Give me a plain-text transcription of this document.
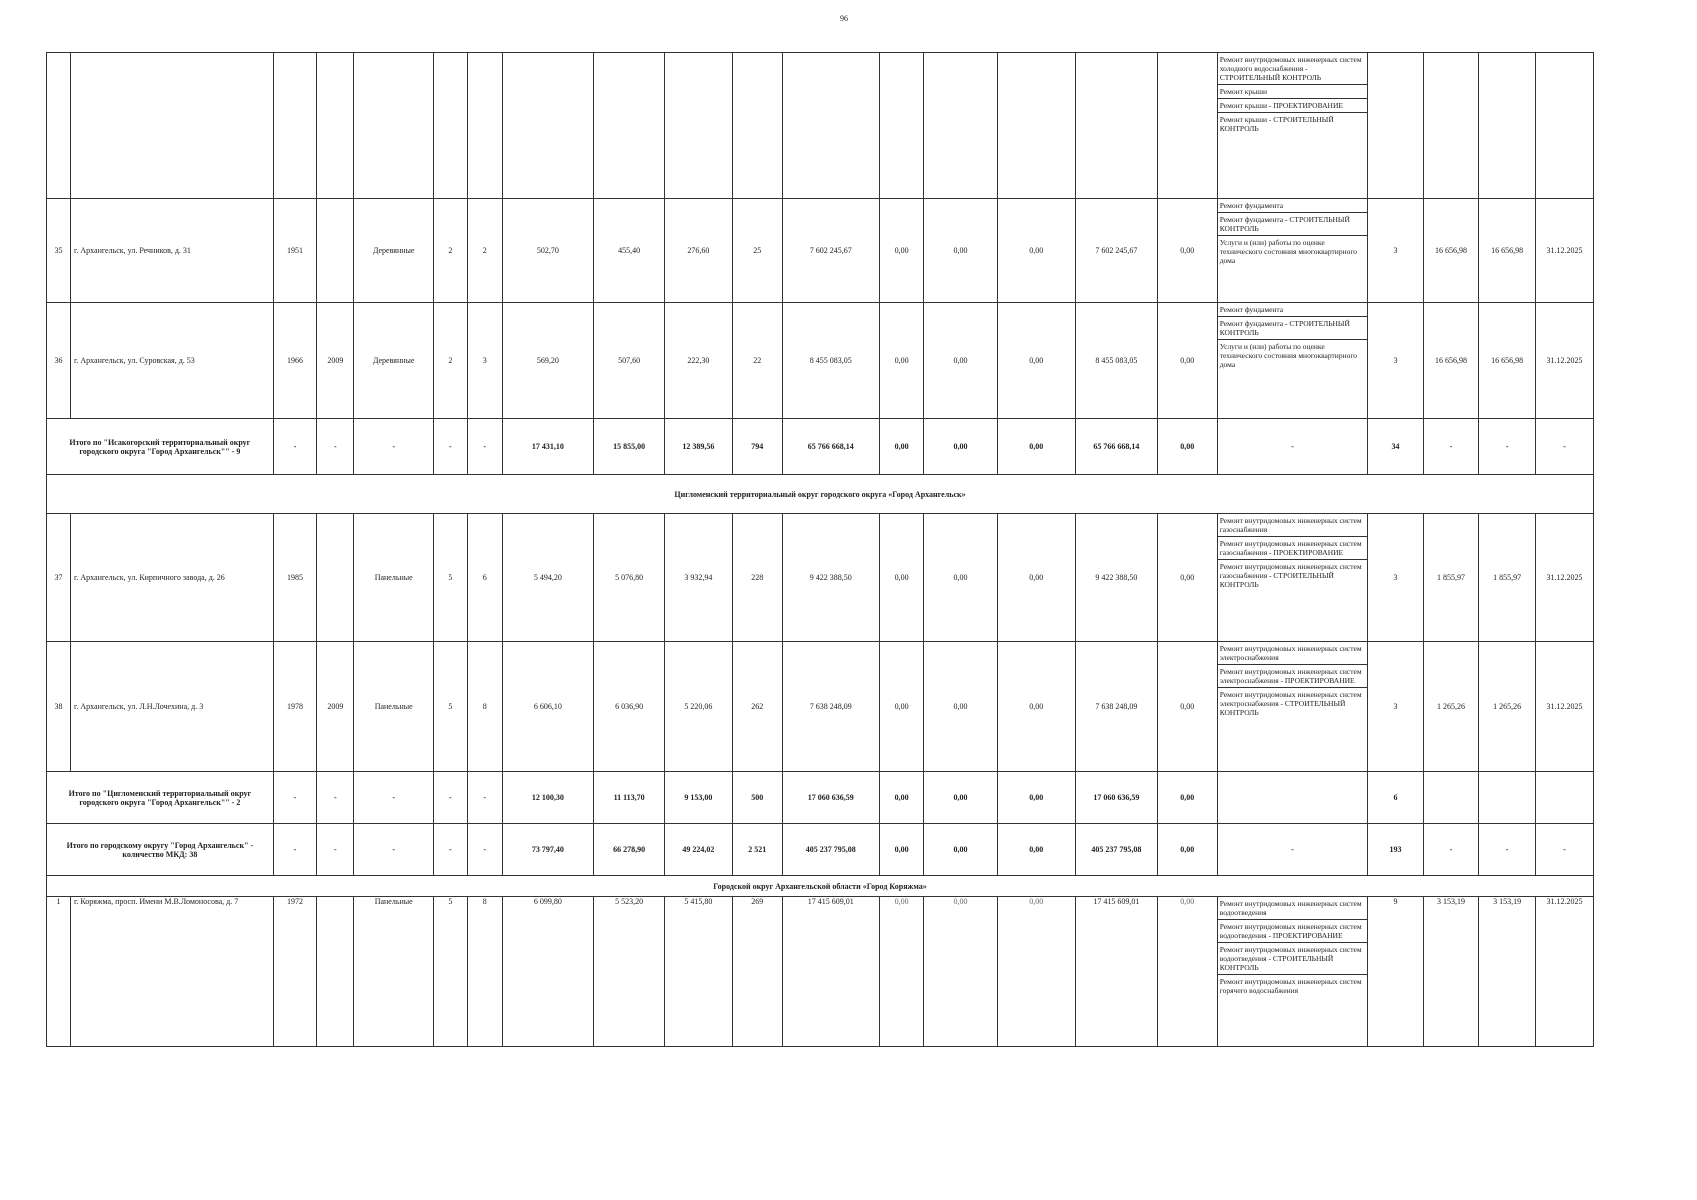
96

Ремонт внутридомовых инженерных систем холодного водоснабжения - СТРОИТЕЛЬНЫЙ КОНТРОЛЬ
Ремонт крыши
Ремонт крыши - ПРОЕКТИРОВАНИЕ
Ремонт крыши - СТРОИТЕЛЬНЫЙ КОНТРОЛЬ				

35	г. Архангельск, ул. Речников, д. 31	1951		Деревянные	2	2	502,70	455,40	276,60	25	7 602 245,67	0,00	0,00	0,00	7 602 245,67	0,00	Ремонт фундамента
Ремонт фундамента - СТРОИТЕЛЬНЫЙ КОНТРОЛЬ
Услуги и (или) работы по оценке технического состояния многоквартирного дома	3	16 656,98	16 656,98	31.12.2025
36	г. Архангельск, ул. Суровская, д. 53	1966	2009	Деревянные	2	3	569,20	507,60	222,30	22	8 455 083,05	0,00	0,00	0,00	8 455 083,05	0,00	Ремонт фундамента
Ремонт фундамента - СТРОИТЕЛЬНЫЙ КОНТРОЛЬ
Услуги и (или) работы по оценке технического состояния многоквартирного дома	3	16 656,98	16 656,98	31.12.2025
Итого по "Исакогорский территориальный округ городского округа "Город Архангельск"" - 9		-	-	-	-	-	17 431,10	15 855,00	12 389,56	794	65 766 668,14	0,00	0,00	0,00	65 766 668,14	0,00	-	34	-	-	-
Цигломенский территориальный округ городского округа «Город Архангельск»																					
37	г. Архангельск, ул. Кирпичного завода, д. 26	1985		Панельные	5	6	5 494,20	5 076,80	3 932,94	228	9 422 388,50	0,00	0,00	0,00	9 422 388,50	0,00	Ремонт внутридомовых инженерных систем газоснабжения
Ремонт внутридомовых инженерных систем газоснабжения - ПРОЕКТИРОВАНИЕ
Ремонт внутридомовых инженерных систем газоснабжения - СТРОИТЕЛЬНЫЙ КОНТРОЛЬ	3	1 855,97	1 855,97	31.12.2025
38	г. Архангельск, ул. Л.Н.Лочехина, д. 3	1978	2009	Панельные	5	8	6 606,10	6 036,90	5 220,06	262	7 638 248,09	0,00	0,00	0,00	7 638 248,09	0,00	Ремонт внутридомовых инженерных систем электроснабжения
Ремонт внутридомовых инженерных систем электроснабжения - ПРОЕКТИРОВАНИЕ
Ремонт внутридомовых инженерных систем электроснабжения - СТРОИТЕЛЬНЫЙ КОНТРОЛЬ	3	1 265,26	1 265,26	31.12.2025
Итого по "Цигломенский территориальный округ городского округа "Город Архангельск"" - 2		-	-	-	-	-	12 100,30	11 113,70	9 153,00	500	17 060 636,59	0,00	0,00	0,00	17 060 636,59	0,00		6			
Итого по городскому округу "Город Архангельск" - количество МКД: 38		-	-	-	-	-	73 797,40	66 278,90	49 224,02	2 521	405 237 795,08	0,00	0,00	0,00	405 237 795,08	0,00	-	193	-	-	-
Городской округ Архангельской области «Город Коряжма»																					
1	г. Коряжма, просп. Имени М.В.Ломоносова, д. 7	1972		Панельные	5	8	6 099,80	5 523,20	5 415,80	269	17 415 609,01	0,00	0,00	0,00	17 415 609,01	0,00	Ремонт внутридомовых инженерных систем водоотведения
Ремонт внутридомовых инженерных систем водоотведения - ПРОЕКТИРОВАНИЕ
Ремонт внутридомовых инженерных систем водоотведения - СТРОИТЕЛЬНЫЙ КОНТРОЛЬ
Ремонт внутридомовых инженерных систем горячего водоснабжения	9	3 153,19	3 153,19	31.12.2025
